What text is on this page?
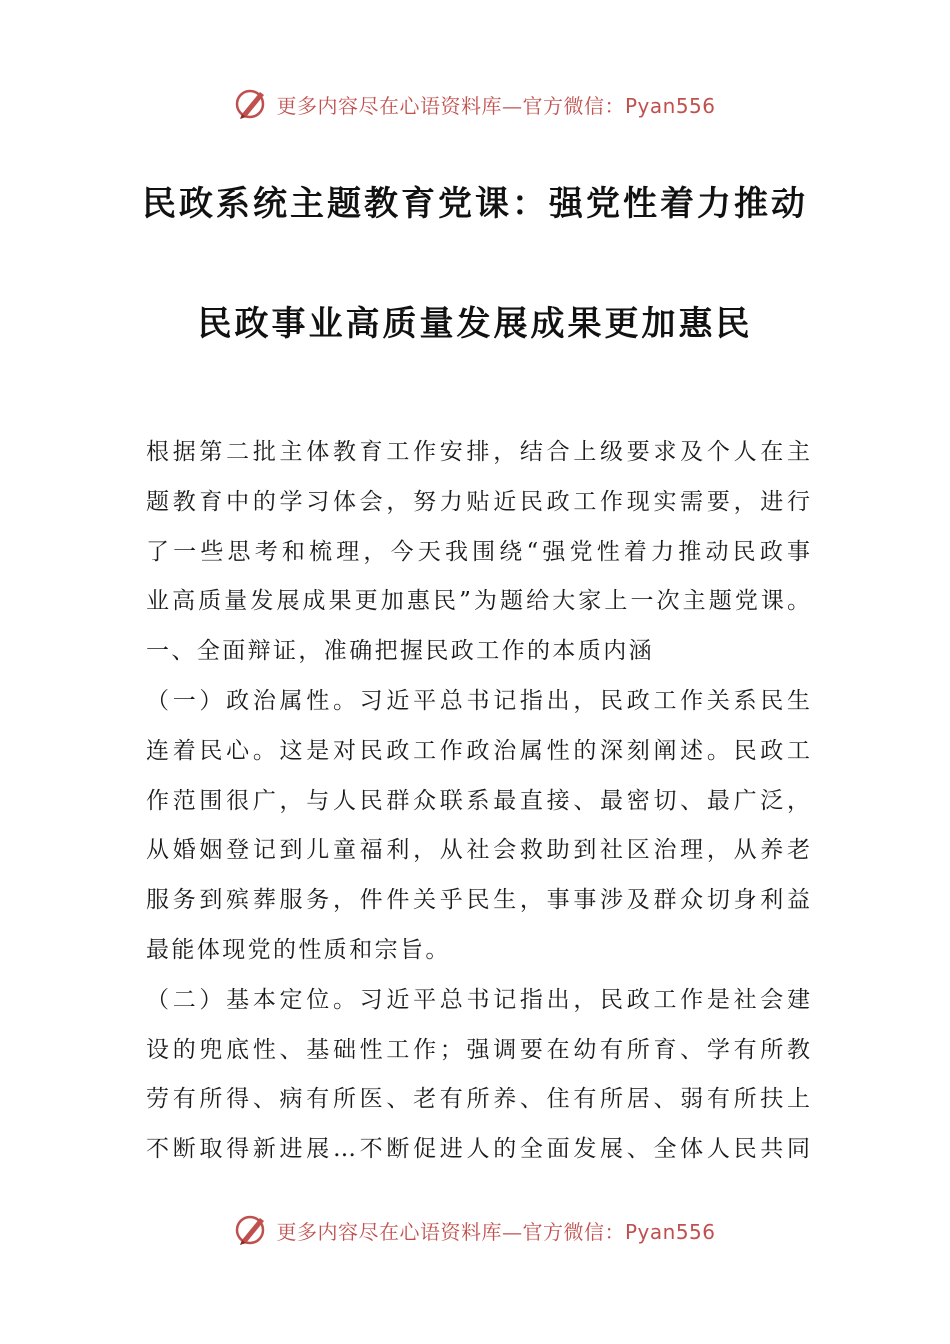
更多内容尽在心语资料库—官方微信：Pyan556
民政系统主题教育党课：强党性着力推动
民政事业高质量发展成果更加惠民
根据第二批主体教育工作安排，结合上级要求及个人在主
题教育中的学习体会，努力贴近民政工作现实需要，进行
了一些思考和梳理，今天我围绕“强党性着力推动民政事
业高质量发展成果更加惠民”为题给大家上一次主题党课。
一、全面辩证，准确把握民政工作的本质内涵
（一）政治属性。习近平总书记指出，民政工作关系民生
连着民心。这是对民政工作政治属性的深刻阐述。民政工
作范围很广，与人民群众联系最直接、最密切、最广泛，
从婚姻登记到儿童福利，从社会救助到社区治理，从养老
服务到殡葬服务，件件关乎民生，事事涉及群众切身利益
最能体现党的性质和宗旨。
（二）基本定位。习近平总书记指出，民政工作是社会建
设的兜底性、基础性工作；强调要在幼有所育、学有所教
劳有所得、病有所医、老有所养、住有所居、弱有所扶上
不断取得新进展…不断促进人的全面发展、全体人民共同
更多内容尽在心语资料库—官方微信：Pyan556
